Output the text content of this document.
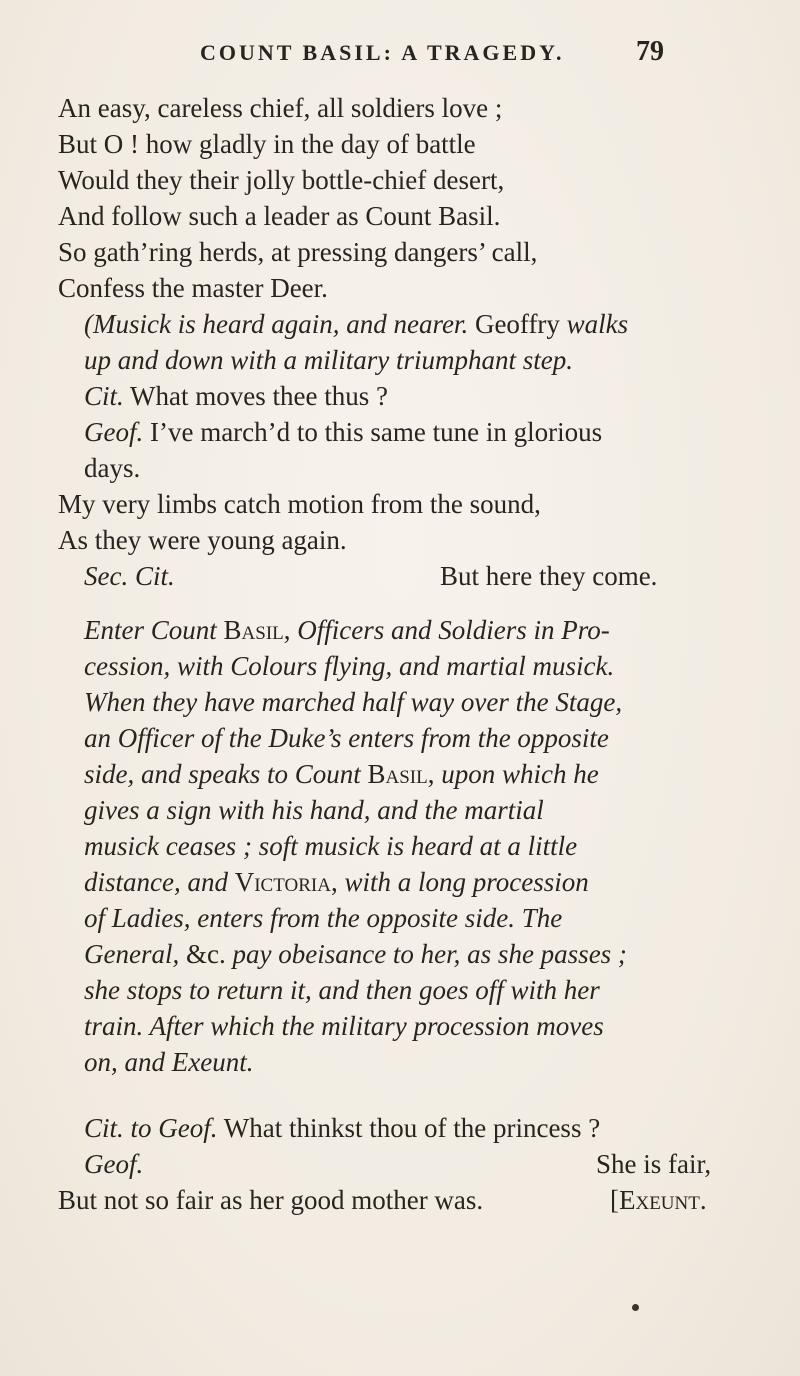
COUNT BASIL: A TRAGEDY.	79
An easy, careless chief, all soldiers love ;
But O ! how gladly in the day of battle
Would they their jolly bottle-chief desert,
And follow such a leader as Count Basil.
So gath’ring herds, at pressing dangers’ call,
Confess the master Deer.
(Musick is heard again, and nearer. Geoffry walks
up and down with a military triumphant step.
Cit. What moves thee thus ?
Geof. I’ve march’d to this same tune in glorious
days.
My very limbs catch motion from the sound,
As they were young again.
Sec. Cit.	But here they come.
Enter Count Basil, Officers and Soldiers in Pro-
cession, with Colours flying, and martial musick.
When they have marched half way over the Stage,
an Officer of the Duke’s enters from the opposite
side, and speaks to Count Basil, upon which he
gives a sign with his hand, and the martial
musick ceases ; soft musick is heard at a little
distance, and Victoria, with a long procession
of Ladies, enters from the opposite side. The
General, &c. pay obeisance to her, as she passes ;
she stops to return it, and then goes off with her
train. After which the military procession moves
on, and Exeunt.
Cit. to Geof. What thinkst thou of the princess ?
Geof.	She is fair,
But not so fair as her good mother was.	[Exeunt.
